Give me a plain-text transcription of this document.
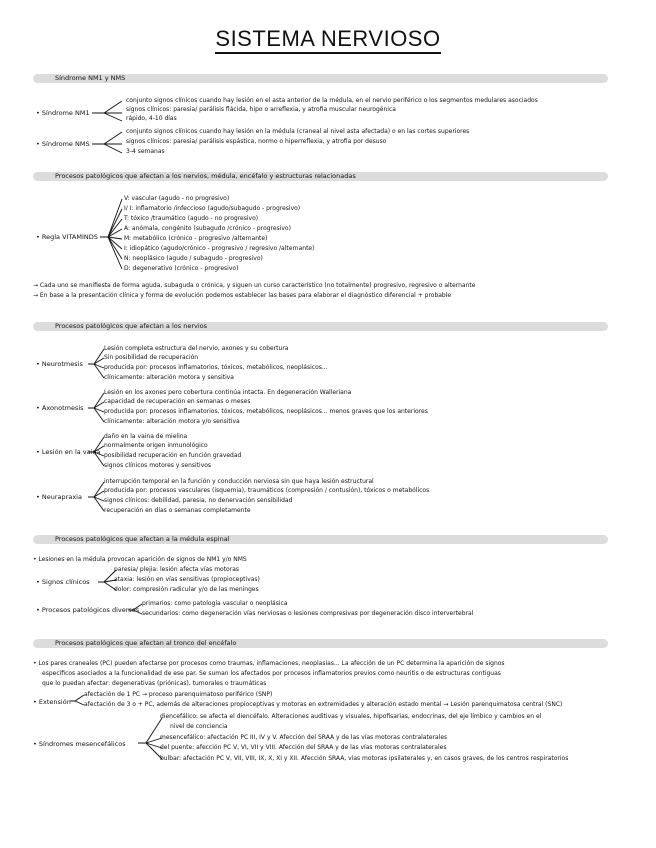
SISTEMA NERVIOSO
Síndrome NM1 y NMS
• Síndrome NM1
conjunto signos clínicos cuando hay lesión en el asta anterior de la médula, en el nervio periférico o los segmentos medulares asociados
signos clínicos: paresia/ parálisis flácida, hipo o arreflexia, y atrofia muscular neurogénica
rápido, 4-10 días
• Síndrome NMS
conjunto signos clínicos cuando hay lesión en la médula (craneal al nivel asta afectada) o en las cortes superiores
signos clínicos: paresia/ parálisis espástica, normo o hiperreflexia, y atrofia por desuso
3-4 semanas
Procesos patológicos que afectan a los nervios, médula, encéfalo y estructuras relacionadas
• Regla VITAMINDS
V: vascular (agudo - no progresivo)
I/ I: inflamatorio /infeccioso (agudo/subagudo - progresivo)
T: tóxico /traumático (agudo - no progresivo)
A: anómala, congénito (subagudo /crónico - progresivo)
M: metabólico (crónico - progresivo /alternante)
I: idiopático (agudo/crónico - progresivo / regresivo /alternante)
N: neoplásico (agudo / subagudo - progresivo)
D: degenerativo (crónico - progresivo)
→ Cada uno se manifiesta de forma aguda, subaguda o crónica, y siguen un curso característico (no totalmente) progresivo, regresivo o alternante
→ En base a la presentación clínica y forma de evolución podemos establecer las bases para elaborar el diagnóstico diferencial + probable
Procesos patológicos que afectan a los nervios
• Neurotmesis
Lesión completa estructura del nervio, axones y su cobertura
Sin posibilidad de recuperación
producida por: procesos inflamatorios, tóxicos, metabólicos, neoplásicos...
clínicamente: alteración motora y sensitiva
• Axonotmesis
Lesión en los axones pero cobertura continúa intacta. En degeneración Walleriana
capacidad de recuperación en semanas o meses
producida por: procesos inflamatorios, tóxicos, metabólicos, neoplásicos... menos graves que los anteriores
clínicamente: alteración motora y/o sensitiva
• Lesión en la vaina
daño en la vaina de mielina
normalmente origen inmunológico
posibilidad recuperación en función gravedad
signos clínicos motores y sensitivos
• Neurapraxia
interrupción temporal en la función y conducción nerviosa sin que haya lesión estructural
producida por: procesos vasculares (isquemia), traumáticos (compresión / contusión), tóxicos o metabólicos
signos clínicos: debilidad, paresia, no denervación sensibilidad
recuperación en días o semanas completamente
Procesos patológicos que afectan a la médula espinal
• Lesiones en la médula provocan aparición de signos de NM1 y/o NMS
• Signos clínicos
paresia/ plejia: lesión afecta vías motoras
ataxia: lesión en vías sensitivas (propioceptivas)
dolor: compresión radicular y/o de las meninges
• Procesos patológicos diversos
primarios: como patología vascular o neoplásica
secundarios: como degeneración vías nerviosas o lesiones compresivas por degeneración disco intervertebral
Procesos patológicos que afectan al tronco del encéfalo
• Los pares craneales (PC) pueden afectarse por procesos como traumas, inflamaciones, neoplasias... La afección de un PC determina la aparición de signos
específicos asociados a la funcionalidad de ese par. Se suman los afectados por procesos inflamatorios previos como neuritis o de estructuras contiguas
que lo puedan afectar: degenerativas (priónicas), tumorales o traumáticas
• Extensión
afectación de 1 PC → proceso parenquimatoso periférico (SNP)
afectación de 3 o + PC, además de alteraciones propioceptivas y motoras en extremidades y alteración estado mental → Lesión parenquimatosa central (SNC)
• Síndromes mesencefálicos
diencefálico: se afecta el diencéfalo. Alteraciones auditivas y visuales, hipofisarias, endocrinas, del eje límbico y cambios en el
nivel de conciencia
mesencefálico: afectación PC III, IV y V. Afección del SRAA y de las vías motoras contralaterales
del puente: afección PC V, VI, VII y VIII. Afección del SRAA y de las vías motoras contralaterales
bulbar: afectación PC V, VII, VIII, IX, X, XI y XII. Afección SRAA, vías motoras ipsilaterales y, en casos graves, de los centros respiratorios
